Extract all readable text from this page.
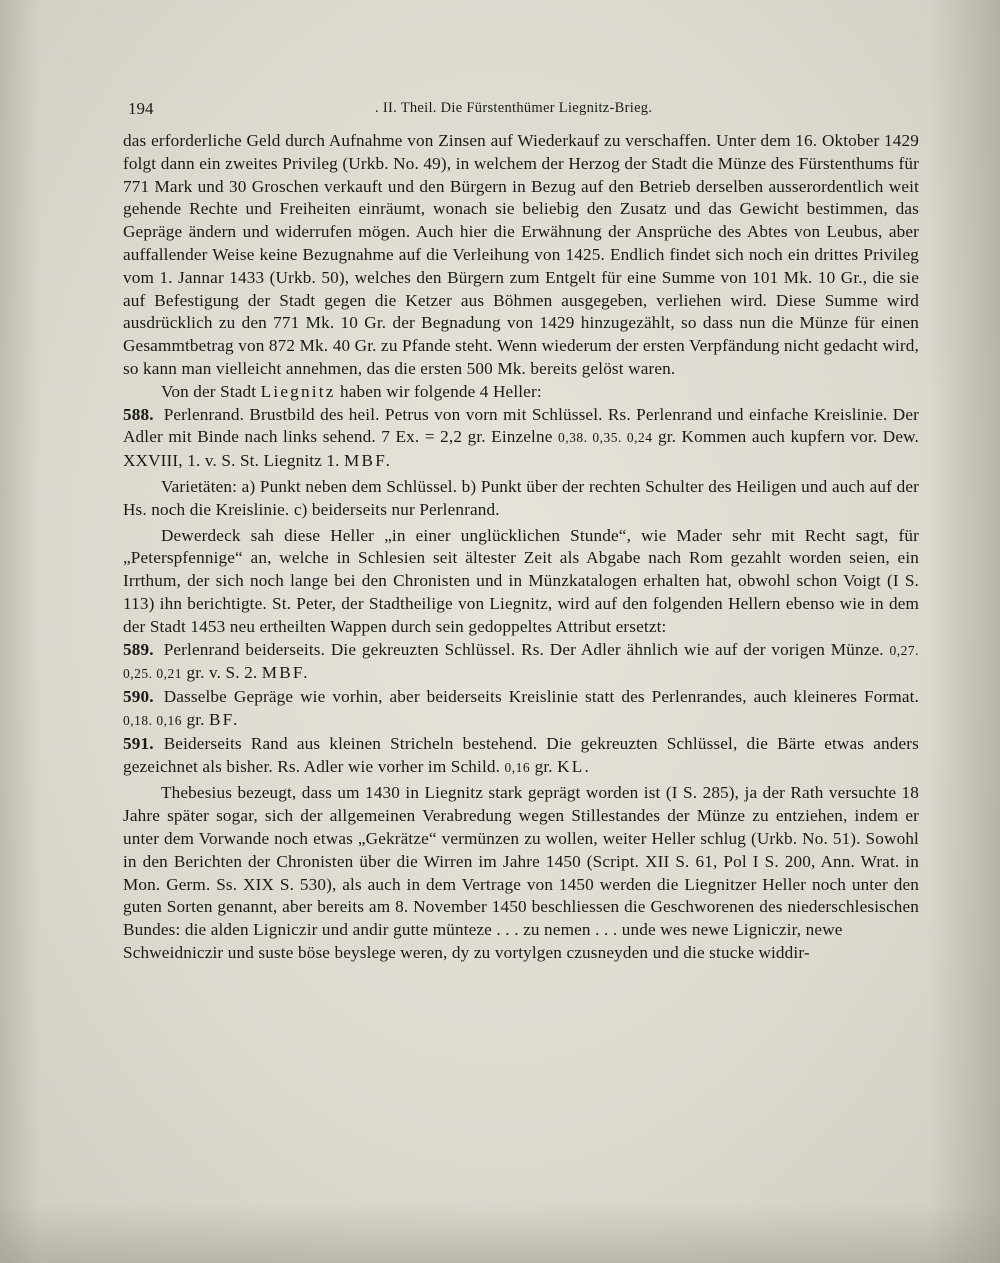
194	. II. Theil. Die Fürstenthümer Liegnitz-Brieg.

das erforderliche Geld durch Aufnahme von Zinsen auf Wiederkauf zu verschaffen. Unter dem 16. Oktober 1429 folgt dann ein zweites Privileg (Urkb. No. 49), in welchem der Herzog der Stadt die Münze des Fürstenthums für 771 Mark und 30 Groschen verkauft und den Bürgern in Bezug auf den Betrieb derselben ausserordentlich weit gehende Rechte und Freiheiten einräumt, wonach sie beliebig den Zusatz und das Gewicht bestimmen, das Gepräge ändern und widerrufen mögen. Auch hier die Erwähnung der Ansprüche des Abtes von Leubus, aber auffallender Weise keine Bezugnahme auf die Verleihung von 1425. Endlich findet sich noch ein drittes Privileg vom 1. Jannar 1433 (Urkb. 50), welches den Bürgern zum Entgelt für eine Summe von 101 Mk. 10 Gr., die sie auf Befestigung der Stadt gegen die Ketzer aus Böhmen ausgegeben, verliehen wird. Diese Summe wird ausdrücklich zu den 771 Mk. 10 Gr. der Begnadung von 1429 hinzugezählt, so dass nun die Münze für einen Gesammtbetrag von 872 Mk. 40 Gr. zu Pfande steht. Wenn wiederum der ersten Verpfändung nicht gedacht wird, so kann man vielleicht annehmen, das die ersten 500 Mk. bereits gelöst waren.

Von der Stadt Liegnitz haben wir folgende 4 Heller:

588. Perlenrand. Brustbild des heil. Petrus von vorn mit Schlüssel. Rs. Perlenrand und einfache Kreislinie. Der Adler mit Binde nach links sehend. 7 Ex. = 2,2 gr. Einzelne 0,38. 0,35. 0,24 gr. Kommen auch kupfern vor. Dew. XXVIII, 1. v. S. St. Liegnitz 1. MBF.

Varietäten: a) Punkt neben dem Schlüssel. b) Punkt über der rechten Schulter des Heiligen und auch auf der Hs. noch die Kreislinie. c) beiderseits nur Perlenrand.

Dewerdeck sah diese Heller „in einer unglücklichen Stunde“, wie Mader sehr mit Recht sagt, für „Peterspfennige“ an, welche in Schlesien seit ältester Zeit als Abgabe nach Rom gezahlt worden seien, ein Irrthum, der sich noch lange bei den Chronisten und in Münzkatalogen erhalten hat, obwohl schon Voigt (I S. 113) ihn berichtigte. St. Peter, der Stadtheilige von Liegnitz, wird auf den folgenden Hellern ebenso wie in dem der Stadt 1453 neu ertheilten Wappen durch sein gedoppeltes Attribut ersetzt:

589. Perlenrand beiderseits. Die gekreuzten Schlüssel. Rs. Der Adler ähnlich wie auf der vorigen Münze. 0,27. 0,25. 0,21 gr. v. S. 2. MBF.

590. Dasselbe Gepräge wie vorhin, aber beiderseits Kreislinie statt des Perlenrandes, auch kleineres Format. 0,18. 0,16 gr. BF.

591. Beiderseits Rand aus kleinen Stricheln bestehend. Die gekreuzten Schlüssel, die Bärte etwas anders gezeichnet als bisher. Rs. Adler wie vorher im Schild. 0,16 gr. KL.

Thebesius bezeugt, dass um 1430 in Liegnitz stark geprägt worden ist (I S. 285), ja der Rath versuchte 18 Jahre später sogar, sich der allgemeinen Verabredung wegen Stillestandes der Münze zu entziehen, indem er unter dem Vorwande noch etwas „Gekrätze“ vermünzen zu wollen, weiter Heller schlug (Urkb. No. 51). Sowohl in den Berichten der Chronisten über die Wirren im Jahre 1450 (Script. XII S. 61, Pol I S. 200, Ann. Wrat. in Mon. Germ. Ss. XIX S. 530), als auch in dem Vertrage von 1450 werden die Liegnitzer Heller noch unter den guten Sorten genannt, aber bereits am 8. November 1450 beschliessen die Geschworenen des niederschlesischen Bundes: die alden Ligniczir und andir gutte münteze . . . zu nemen . . . unde wes newe Ligniczir, newe

Schweidniczir und suste böse beyslege weren, dy zu vortylgen czusneyden und die stucke widdir-
